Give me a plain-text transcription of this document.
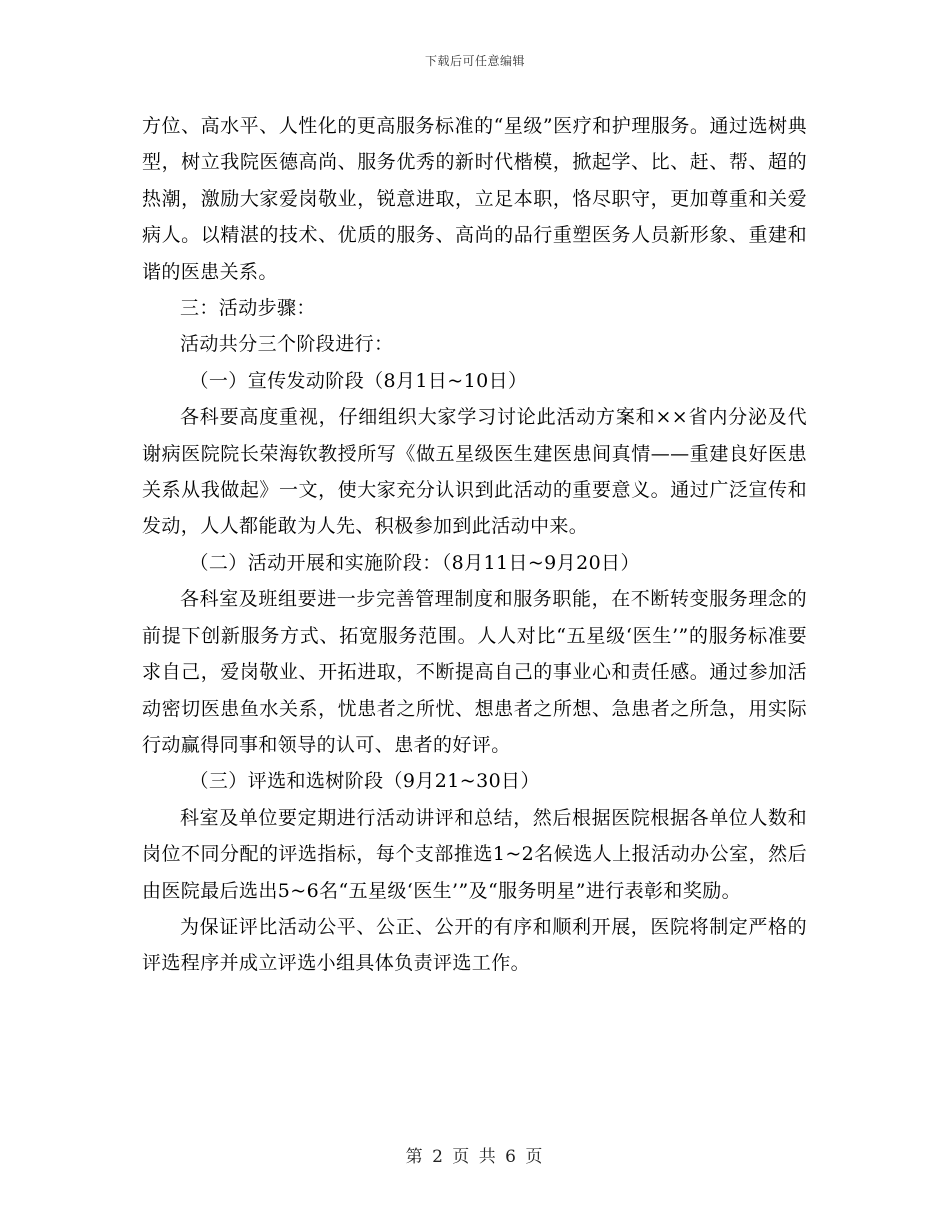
下载后可任意编辑

方位、高水平、人性化的更高服务标准的“星级”医疗和护理服务。通过选树典型，树立我院医德高尚、服务优秀的新时代楷模，掀起学、比、赶、帮、超的热潮，激励大家爱岗敬业，锐意进取，立足本职，恪尽职守，更加尊重和关爱病人。以精湛的技术、优质的服务、高尚的品行重塑医务人员新形象、重建和谐的医患关系。

三：活动步骤：

活动共分三个阶段进行：

（一）宣传发动阶段（8月1日~10日）

各科要高度重视，仔细组织大家学习讨论此活动方案和××省内分泌及代谢病医院院长荣海钦教授所写《做五星级医生建医患间真情——重建良好医患关系从我做起》一文，使大家充分认识到此活动的重要意义。通过广泛宣传和发动，人人都能敢为人先、积极参加到此活动中来。

（二）活动开展和实施阶段：（8月11日~9月20日）

各科室及班组要进一步完善管理制度和服务职能，在不断转变服务理念的前提下创新服务方式、拓宽服务范围。人人对比“五星级‘医生’”的服务标准要求自己，爱岗敬业、开拓进取，不断提高自己的事业心和责任感。通过参加活动密切医患鱼水关系，忧患者之所忧、想患者之所想、急患者之所急，用实际行动赢得同事和领导的认可、患者的好评。

（三）评选和选树阶段（9月21~30日）

科室及单位要定期进行活动讲评和总结，然后根据医院根据各单位人数和岗位不同分配的评选指标，每个支部推选1~2名候选人上报活动办公室，然后由医院最后选出5~6名“五星级‘医生’”及“服务明星”进行表彰和奖励。

为保证评比活动公平、公正、公开的有序和顺利开展，医院将制定严格的评选程序并成立评选小组具体负责评选工作。

第 2 页 共 6 页
